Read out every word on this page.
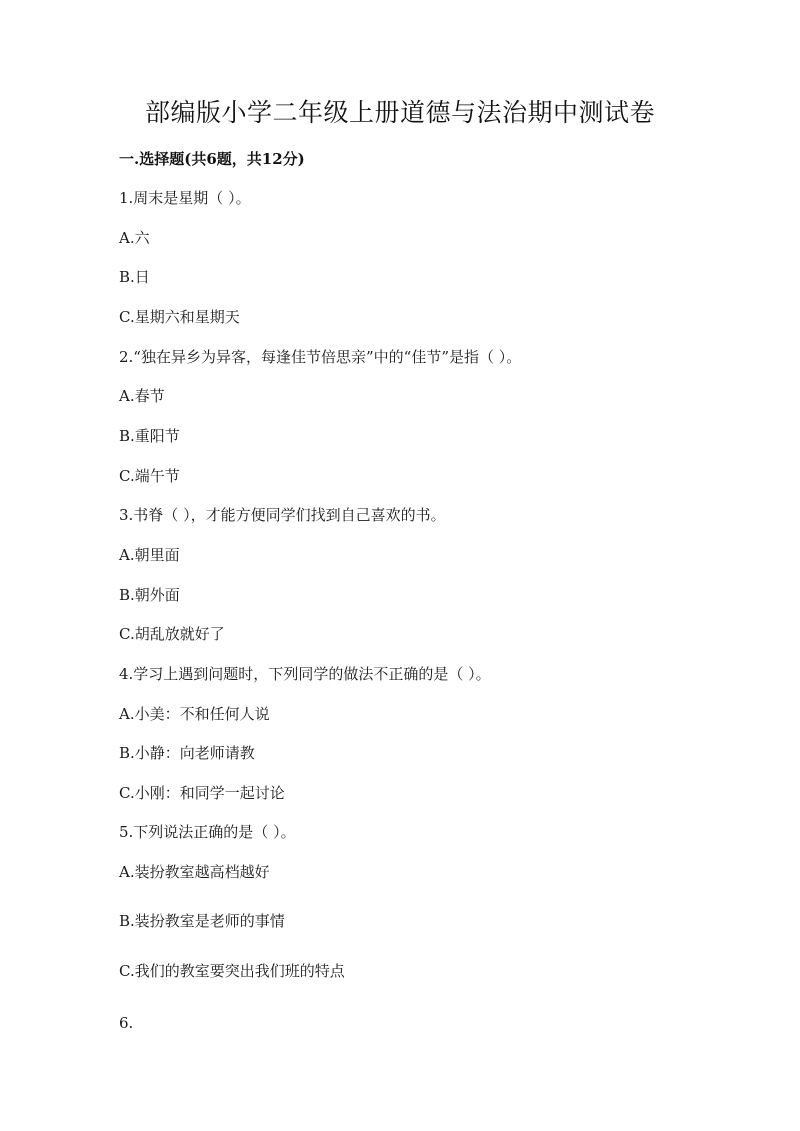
部编版小学二年级上册道德与法治期中测试卷
一.选择题(共6题，共12分)
1.周末是星期（ ）。
A.六
B.日
C.星期六和星期天
2.“独在异乡为异客，每逢佳节倍思亲”中的“佳节”是指（ ）。
A.春节
B.重阳节
C.端午节
3.书脊（ ），才能方便同学们找到自己喜欢的书。
A.朝里面
B.朝外面
C.胡乱放就好了
4.学习上遇到问题时，下列同学的做法不正确的是（ ）。
A.小美：不和任何人说
B.小静：向老师请教
C.小刚：和同学一起讨论
5.下列说法正确的是（ ）。
A.装扮教室越高档越好
B.装扮教室是老师的事情
C.我们的教室要突出我们班的特点
6.
